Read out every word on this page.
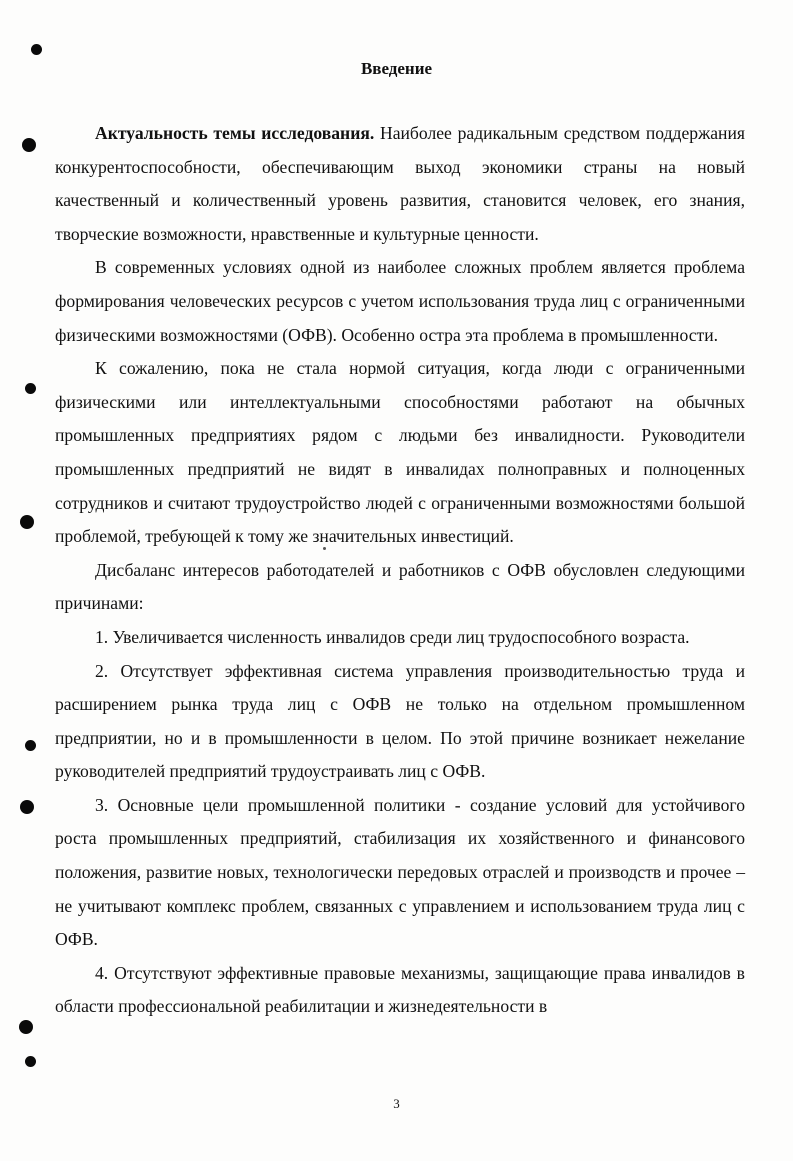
Введение

Актуальность темы исследования. Наиболее радикальным средством поддержания конкурентоспособности, обеспечивающим выход экономики страны на новый качественный и количественный уровень развития, становится человек, его знания, творческие возможности, нравственные и культурные ценности.

В современных условиях одной из наиболее сложных проблем является проблема формирования человеческих ресурсов с учетом использования труда лиц с ограниченными физическими возможностями (ОФВ). Особенно остра эта проблема в промышленности.

К сожалению, пока не стала нормой ситуация, когда люди с ограниченными физическими или интеллектуальными способностями работают на обычных промышленных предприятиях рядом с людьми без инвалидности. Руководители промышленных предприятий не видят в инвалидах полноправных и полноценных сотрудников и считают трудоустройство людей с ограниченными возможностями большой проблемой, требующей к тому же значительных инвестиций.

Дисбаланс интересов работодателей и работников с ОФВ обусловлен следующими причинами:

1. Увеличивается численность инвалидов среди лиц трудоспособного возраста.

2. Отсутствует эффективная система управления производительностью труда и расширением рынка труда лиц с ОФВ не только на отдельном промышленном предприятии, но и в промышленности в целом. По этой причине возникает нежелание руководителей предприятий трудоустраивать лиц с ОФВ.

3. Основные цели промышленной политики - создание условий для устойчивого роста промышленных предприятий, стабилизация их хозяйственного и финансового положения, развитие новых, технологически передовых отраслей и производств и прочее – не учитывают комплекс проблем, связанных с управлением и использованием труда лиц с ОФВ.

4. Отсутствуют эффективные правовые механизмы, защищающие права инвалидов в области профессиональной реабилитации и жизнедеятельности в

3
